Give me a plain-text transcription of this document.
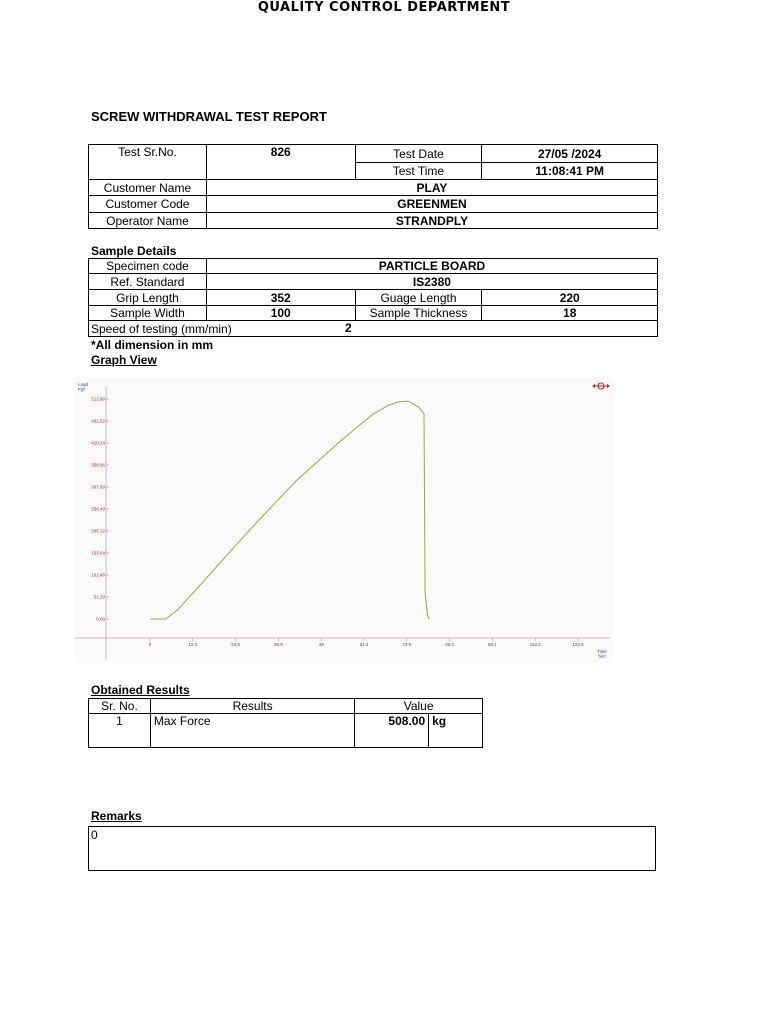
QUALITY CONTROL DEPARTMENT
SCREW WITHDRAWAL TEST REPORT
Test Sr.No.	826	Test Date	27/05 /2024
		Test Time	11:08:41 PM
Customer Name	PLAY		
Customer Code	GREENMEN		
Operator Name	STRANDPLY		
Sample Details
Specimen code	PARTICLE BOARD		
Ref. Standard	IS2380		
Grip Length	352	Guage Length	220
Sample Width	100	Sample Thickness	18
Speed of testing (mm/min) 2			
*All dimension in mm
Graph View
Load Kgf
Time Sec
0.00
51.20
102.40
153.64
205.12
256.40
307.68
358.96
410.24
461.52
512.80
0	12.3	24.6	36.9	49	61.3	73.6	86.0	98.1	110.3	122.6
Obtained Results
Sr. No.	Results	Value	
1	Max Force	508.00	kg
Remarks
0
